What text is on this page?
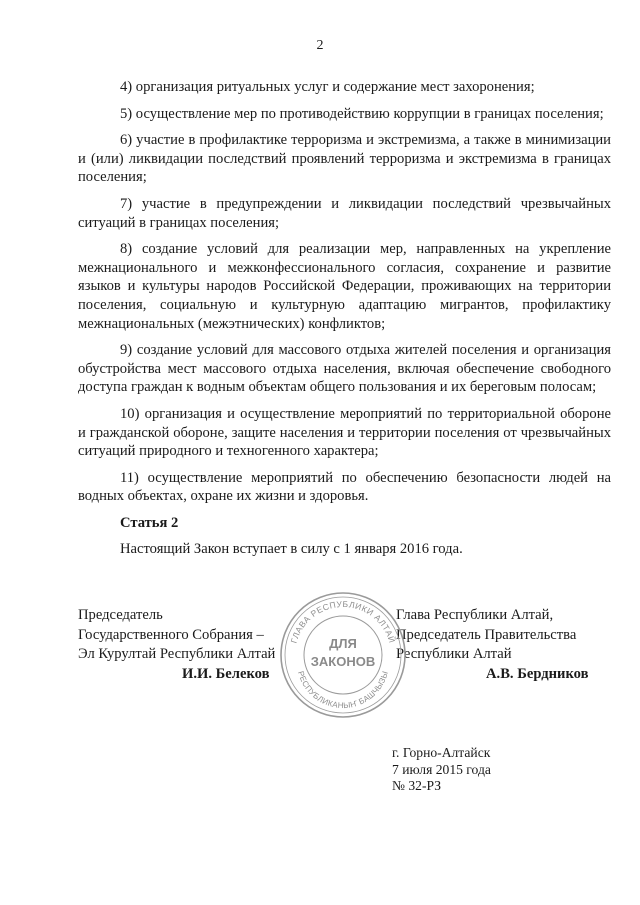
2

4) организация ритуальных услуг и содержание мест захоронения;

5) осуществление мер по противодействию коррупции в границах поселения;

6) участие в профилактике терроризма и экстремизма, а также в минимизации и (или) ликвидации последствий проявлений терроризма и экстремизма в границах поселения;

7) участие в предупреждении и ликвидации последствий чрезвычайных ситуаций в границах поселения;

8) создание условий для реализации мер, направленных на укрепление межнационального и межконфессионального согласия, сохранение и развитие языков и культуры народов Российской Федерации, проживающих на территории поселения, социальную и культурную адаптацию мигрантов, профилактику межнациональных (межэтнических) конфликтов;

9) создание условий для массового отдыха жителей поселения и организация обустройства мест массового отдыха населения, включая обеспечение свободного доступа граждан к водным объектам общего пользования и их береговым полосам;

10) организация и осуществление мероприятий по территориальной обороне и гражданской обороне, защите населения и территории поселения от чрезвычайных ситуаций природного и техногенного характера;

11) осуществление мероприятий по обеспечению безопасности людей на водных объектах, охране их жизни и здоровья.

Статья 2

Настоящий Закон вступает в силу с 1 января 2016 года.

Председатель
Государственного Собрания –
Эл Курултай Республики Алтай
И.И. Белеков
Глава Республики Алтай,
Председатель Правительства
Республики Алтай
А.В. Бердников
ГЛАВА РЕСПУБЛИКИ АЛТАЙ
РЕСПУБЛИКАНЫҤ БАШЧЫЗЫ
ДЛЯ
ЗАКОНОВ
г. Горно-Алтайск
7 июля 2015 года
№ 32-РЗ
